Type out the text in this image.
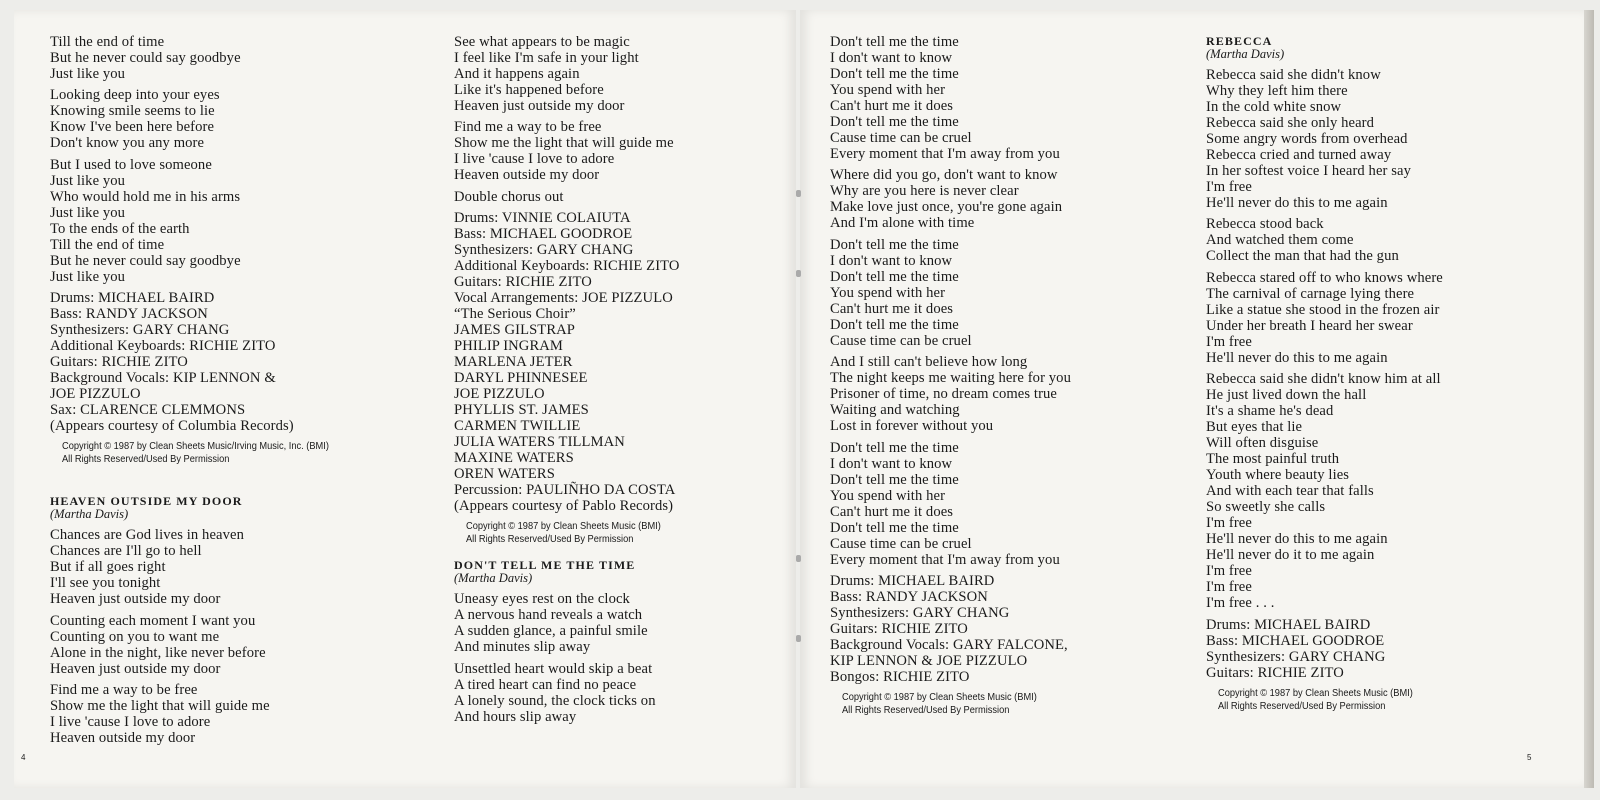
Till the end of time
But he never could say goodbye
Just like you
Looking deep into your eyes
Knowing smile seems to lie
Know I've been here before
Don't know you any more
But I used to love someone
Just like you
Who would hold me in his arms
Just like you
To the ends of the earth
Till the end of time
But he never could say goodbye
Just like you
Drums: MICHAEL BAIRD
Bass: RANDY JACKSON
Synthesizers: GARY CHANG
Additional Keyboards: RICHIE ZITO
Guitars: RICHIE ZITO
Background Vocals: KIP LENNON &
JOE PIZZULO
Sax: CLARENCE CLEMMONS
(Appears courtesy of Columbia Records)
Copyright © 1987 by Clean Sheets Music/Irving Music, Inc. (BMI)
All Rights Reserved/Used By Permission
HEAVEN OUTSIDE MY DOOR
(Martha Davis)
Chances are God lives in heaven
Chances are I'll go to hell
But if all goes right
I'll see you tonight
Heaven just outside my door
Counting each moment I want you
Counting on you to want me
Alone in the night, like never before
Heaven just outside my door
Find me a way to be free
Show me the light that will guide me
I live 'cause I love to adore
Heaven outside my door
See what appears to be magic
I feel like I'm safe in your light
And it happens again
Like it's happened before
Heaven just outside my door
Find me a way to be free
Show me the light that will guide me
I live 'cause I love to adore
Heaven outside my door
Double chorus out
Drums: VINNIE COLAIUTA
Bass: MICHAEL GOODROE
Synthesizers: GARY CHANG
Additional Keyboards: RICHIE ZITO
Guitars: RICHIE ZITO
Vocal Arrangements: JOE PIZZULO
“The Serious Choir”
JAMES GILSTRAP
PHILIP INGRAM
MARLENA JETER
DARYL PHINNESEE
JOE PIZZULO
PHYLLIS ST. JAMES
CARMEN TWILLIE
JULIA WATERS TILLMAN
MAXINE WATERS
OREN WATERS
Percussion: PAULIÑHO DA COSTA
(Appears courtesy of Pablo Records)
Copyright © 1987 by Clean Sheets Music (BMI)
All Rights Reserved/Used By Permission
DON'T TELL ME THE TIME
(Martha Davis)
Uneasy eyes rest on the clock
A nervous hand reveals a watch
A sudden glance, a painful smile
And minutes slip away
Unsettled heart would skip a beat
A tired heart can find no peace
A lonely sound, the clock ticks on
And hours slip away
4
Don't tell me the time
I don't want to know
Don't tell me the time
You spend with her
Can't hurt me it does
Don't tell me the time
Cause time can be cruel
Every moment that I'm away from you
Where did you go, don't want to know
Why are you here is never clear
Make love just once, you're gone again
And I'm alone with time
Don't tell me the time
I don't want to know
Don't tell me the time
You spend with her
Can't hurt me it does
Don't tell me the time
Cause time can be cruel
And I still can't believe how long
The night keeps me waiting here for you
Prisoner of time, no dream comes true
Waiting and watching
Lost in forever without you
Don't tell me the time
I don't want to know
Don't tell me the time
You spend with her
Can't hurt me it does
Don't tell me the time
Cause time can be cruel
Every moment that I'm away from you
Drums: MICHAEL BAIRD
Bass: RANDY JACKSON
Synthesizers: GARY CHANG
Guitars: RICHIE ZITO
Background Vocals: GARY FALCONE,
KIP LENNON & JOE PIZZULO
Bongos: RICHIE ZITO
Copyright © 1987 by Clean Sheets Music (BMI)
All Rights Reserved/Used By Permission
REBECCA
(Martha Davis)
Rebecca said she didn't know
Why they left him there
In the cold white snow
Rebecca said she only heard
Some angry words from overhead
Rebecca cried and turned away
In her softest voice I heard her say
I'm free
He'll never do this to me again
Rebecca stood back
And watched them come
Collect the man that had the gun
Rebecca stared off to who knows where
The carnival of carnage lying there
Like a statue she stood in the frozen air
Under her breath I heard her swear
I'm free
He'll never do this to me again
Rebecca said she didn't know him at all
He just lived down the hall
It's a shame he's dead
But eyes that lie
Will often disguise
The most painful truth
Youth where beauty lies
And with each tear that falls
So sweetly she calls
I'm free
He'll never do this to me again
He'll never do it to me again
I'm free
I'm free
I'm free . . .
Drums: MICHAEL BAIRD
Bass: MICHAEL GOODROE
Synthesizers: GARY CHANG
Guitars: RICHIE ZITO
Copyright © 1987 by Clean Sheets Music (BMI)
All Rights Reserved/Used By Permission
5
